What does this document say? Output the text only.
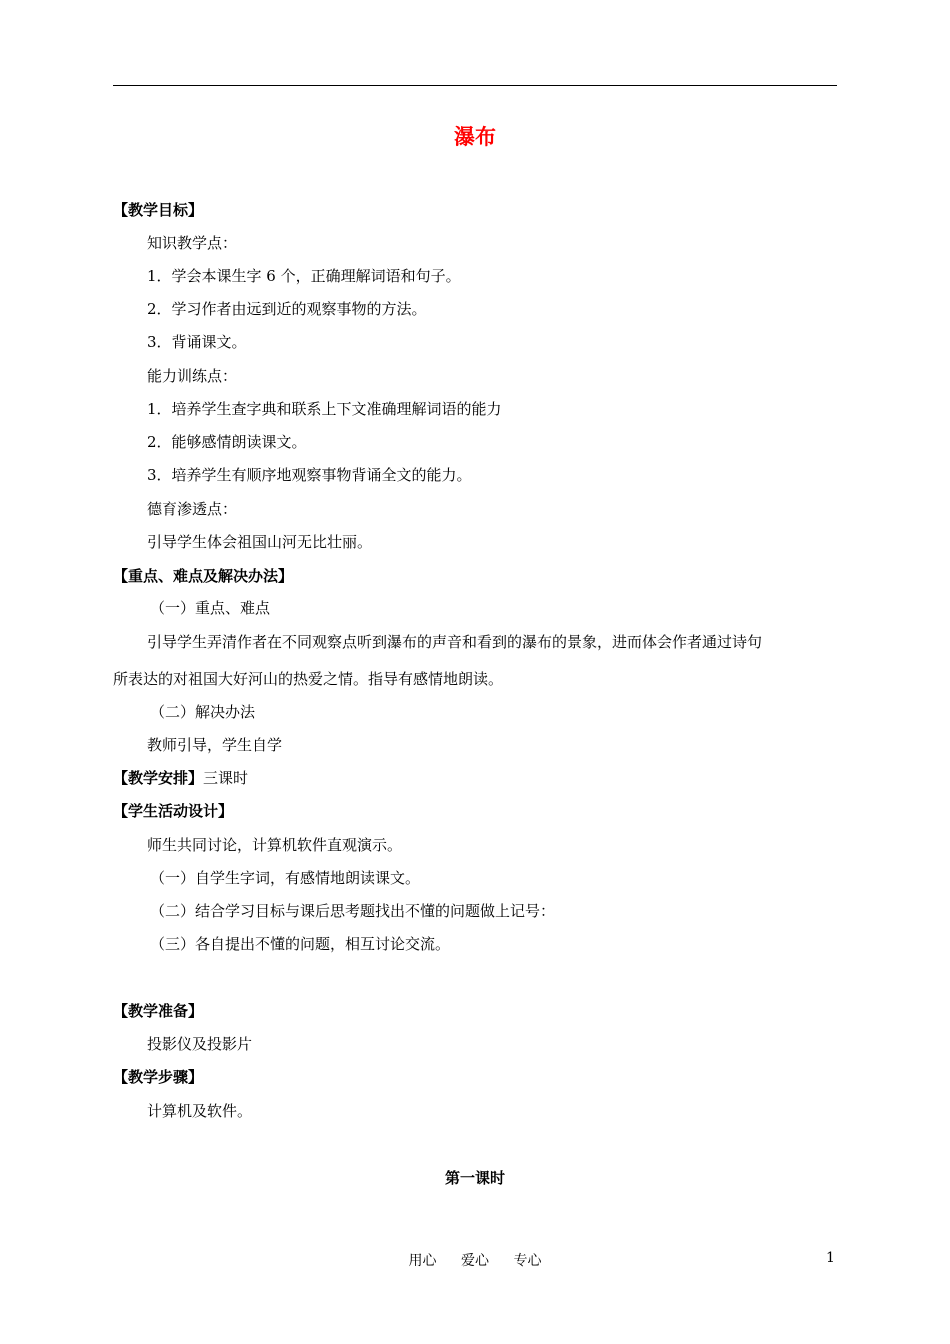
瀑布
【教学目标】
知识教学点：
1．学会本课生字 6 个，正确理解词语和句子。
2．学习作者由远到近的观察事物的方法。
3．背诵课文。
能力训练点：
1．培养学生查字典和联系上下文准确理解词语的能力
2．能够感情朗读课文。
3．培养学生有顺序地观察事物背诵全文的能力。
德育渗透点：
引导学生体会祖国山河无比壮丽。
【重点、难点及解决办法】
（一）重点、难点
引导学生弄清作者在不同观察点听到瀑布的声音和看到的瀑布的景象，进而体会作者通过诗句
所表达的对祖国大好河山的热爱之情。指导有感情地朗读。
（二）解决办法
教师引导，学生自学
【教学安排】三课时
【学生活动设计】
师生共同讨论，计算机软件直观演示。
（一）自学生字词，有感情地朗读课文。
（二）结合学习目标与课后思考题找出不懂的问题做上记号：
（三）各自提出不懂的问题，相互讨论交流。
【教学准备】
投影仪及投影片
【教学步骤】
计算机及软件。
第一课时
用心 爱心 专心	1
